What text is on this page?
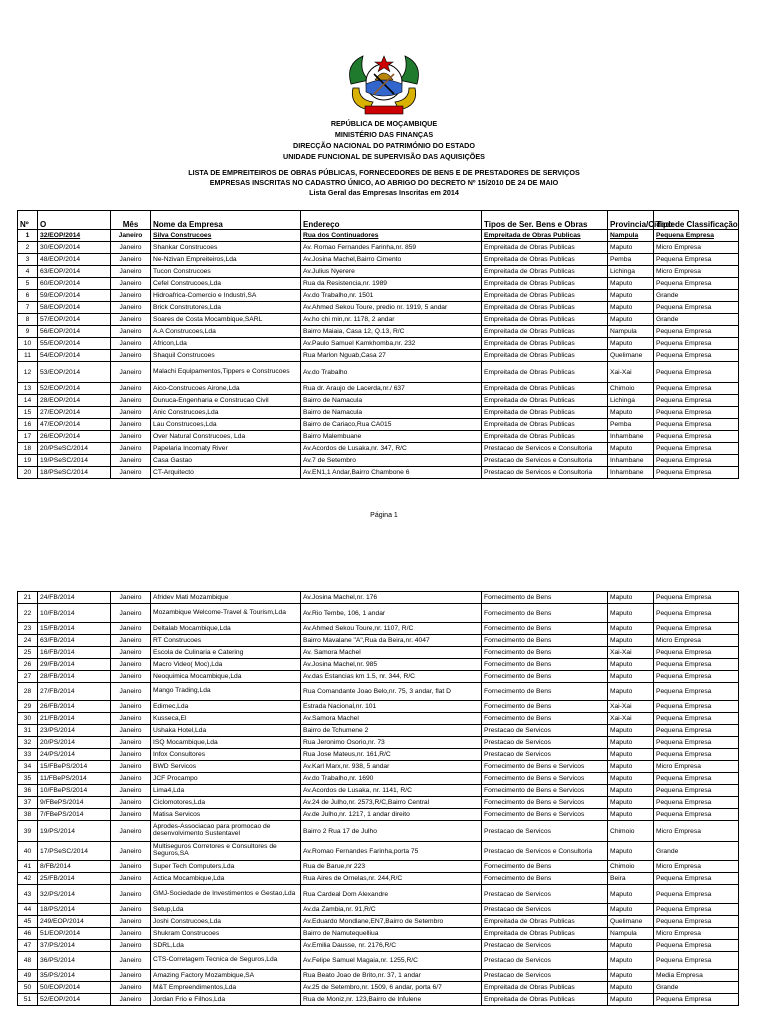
REPÚBLICA DE MOÇAMBIQUE
MINISTÉRIO DAS FINANÇAS
DIRECÇÃO NACIONAL DO PATRIMÓNIO DO ESTADO
UNIDADE FUNCIONAL DE SUPERVISÃO DAS AQUISIÇÕES
LISTA DE EMPREITEIROS DE OBRAS PÚBLICAS, FORNECEDORES DE BENS E DE PRESTADORES DE SERVIÇOS
EMPRESAS INSCRITAS NO CADASTRO ÚNICO, AO ABRIGO DO DECRETO Nº 15/2010 DE 24 DE MAIO
Lista Geral das Empresas Inscritas em 2014
Nº	O	Mês	Nome da Empresa	Endereço	Tipos de Ser. Bens e Obras	Provincia/Cidade	Tipo de Classificação
1	32/EOP/2014	Janeiro	Silva Construcoes	Rua dos Continuadores	Empreitada de Obras Publicas	Nampula	Pequena Empresa
2	30/EOP/2014	Janeiro	Shankar Construcoes	Av. Romao Fernandes Farinha,nr. 859	Empreitada de Obras Publicas	Maputo	Micro Empresa
3	48/EOP/2014	Janeiro	Ne-Nzivan Empreiteiros,Lda	Av.Josina Machel,Bairro Cimento	Empreitada de Obras Publicas	Pemba	Pequena Empresa
4	63/EOP/2014	Janeiro	Tucon Construcoes	Av.Julius Nyerere	Empreitada de Obras Publicas	Lichinga	Micro Empresa
5	60/EOP/2014	Janeiro	Cefel Construcoes,Lda	Rua da Resistencia,nr. 1989	Empreitada de Obras Publicas	Maputo	Pequena Empresa
6	59/EOP/2014	Janeiro	Hidroafrica-Comercio e Industri,SA	Av.do Trabalho,nr. 1501	Empreitada de Obras Publicas	Maputo	Grande
7	58/EOP/2014	Janeiro	Brick Construtores,Lda	Av.Ahmed Sekou Toure, predio nr. 1919, 5 andar	Empreitada de Obras Publicas	Maputo	Pequena Empresa
8	57/EOP/2014	Janeiro	Soares de Costa Mocambique,SARL	Av.ho chi min,nr. 1178, 2 andar	Empreitada de Obras Publicas	Maputo	Grande
9	56/EOP/2014	Janeiro	A.A Construcoes,Lda	Bairro Maiaia, Casa 12, Q.13, R/C	Empreitada de Obras Publicas	Nampula	Pequena Empresa
10	55/EOP/2014	Janeiro	Africon,Lda	Av.Paulo Samuel Kamkhomba,nr. 232	Empreitada de Obras Publicas	Maputo	Pequena Empresa
11	54/EOP/2014	Janeiro	Shaquil Construcoes	Rua Marlon Nguab,Casa 27	Empreitada de Obras Publicas	Quelimane	Pequena Empresa
12	53/EOP/2014	Janeiro	Malachi Equipamentos,Tippers e Construcoes	Av.do Trabalho	Empreitada de Obras Publicas	Xai-Xai	Pequena Empresa
13	52/EOP/2014	Janeiro	Aico-Construcoes Airone,Lda	Rua dr. Araujo de Lacerda,nr./ 637	Empreitada de Obras Publicas	Chimoio	Pequena Empresa
14	28/EOP/2014	Janeiro	Dunuca-Engenharia e Construcao Civil	Bairro de Namacula	Empreitada de Obras Publicas	Lichinga	Pequena Empresa
15	27/EOP/2014	Janeiro	Anic Construcoes,Lda	Bairro de Namacula	Empreitada de Obras Publicas	Maputo	Pequena Empresa
16	47/EOP/2014	Janeiro	Lau Construcoes,Lda	Bairro de Cariaco,Rua CA015	Empreitada de Obras Publicas	Pemba	Pequena Empresa
17	26/EOP/2014	Janeiro	Over Natural Construcoes, Lda	Bairro Malembuane	Empreitada de Obras Publicas	Inhambane	Pequena Empresa
18	20/PSeSC/2014	Janeiro	Papelaria Incomaty River	Av.Acordos de Lusaka,nr. 347, R/C	Prestacao de Servicos e Consultoria	Maputo	Pequena Empresa
19	19/PSeSC/2014	Janeiro	Casa Gastao	Av.7 de Setembro	Prestacao de Servicos e Consultoria	Inhambane	Pequena Empresa
20	18/PSeSC/2014	Janeiro	CT-Arquitecto	Av.EN1,1 Andar,Bairro Chambone 6	Prestacao de Servicos e Consultoria	Inhambane	Pequena Empresa
Página 1
21	24/FB/2014	Janeiro	Afridev Mati Mozambique	Av.Josina Machel,nr. 176	Fornecimento de Bens	Maputo	Pequena Empresa
22	10/FB/2014	Janeiro	Mozambique Welcome-Travel & Tourism,Lda	Av.Rio Tembe, 106, 1 andar	Fornecimento de Bens	Maputo	Pequena Empresa
23	15/FB/2014	Janeiro	Deltalab Mocambique,Lda	Av.Ahmed Sekou Toure,nr. 1107, R/C	Fornecimento de Bens	Maputo	Pequena Empresa
24	63/FB/2014	Janeiro	RT Construcoes	Bairro Mavalane "A",Rua da Beira,nr. 4047	Fornecimento de Bens	Maputo	Micro Empresa
25	16/FB/2014	Janeiro	Escola de Culinaria e Catering	Av. Samora Machel	Fornecimento de Bens	Xai-Xai	Pequena Empresa
26	29/FB/2014	Janeiro	Macro Video( Moc),Lda	Av.Josina Machel,nr. 985	Fornecimento de Bens	Maputo	Pequena Empresa
27	28/FB/2014	Janeiro	Neoquimica Mocambique,Lda	Av.das Estancias km 1.5, nr. 344, R/C	Fornecimento de Bens	Maputo	Pequena Empresa
28	27/FB/2014	Janeiro	Mango Trading,Lda	Rua Comandante Joao Belo,nr. 75, 3 andar, flat D	Fornecimento de Bens	Maputo	Pequena Empresa
29	26/FB/2014	Janeiro	Edimec,Lda	Estrada Nacional,nr. 101	Fornecimento de Bens	Xai-Xai	Pequena Empresa
30	21/FB/2014	Janeiro	Kusseca,El	Av.Samora Machel	Fornecimento de Bens	Xai-Xai	Pequena Empresa
31	23/PS/2014	Janeiro	Ushaka Hotel,Lda	Bairro de Tchumene 2	Prestacao de Servicos	Maputo	Pequena Empresa
32	20/PS/2014	Janeiro	ISQ Mocambique,Lda	Rua Jeronimo Osorio,nr. 73	Prestacao de Servicos	Maputo	Pequena Empresa
33	24/PS/2014	Janeiro	Infox Consultores	Rua Jose Mateus,nr. 161,R/C	Prestacao de Servicos	Maputo	Pequena Empresa
34	15/FBePS/2014	Janeiro	BWD Servicos	Av.Karl Marx,nr. 938, 5 andar	Fornecimento de Bens e Servicos	Maputo	Micro Empresa
35	11/FBePS/2014	Janeiro	JCF Procampo	Av.do Trabalho,nr. 1690	Fornecimento de Bens e Servicos	Maputo	Pequena Empresa
36	10/FBePS/2014	Janeiro	Lima4,Lda	Av.Acordos de Lusaka, nr. 1141, R/C	Fornecimento de Bens e Servicos	Maputo	Pequena Empresa
37	9/FBePS/2014	Janeiro	Ciclomotores,Lda	Av.24 de Julho,nr. 2573,R/C,Bairro Central	Fornecimento de Bens e Servicos	Maputo	Pequena Empresa
38	7/FBePS/2014	Janeiro	Matisa Servicos	Av.de Julho,nr. 1217, 1 andar direito	Fornecimento de Bens e Servicos	Maputo	Pequena Empresa
39	19/PS/2014	Janeiro	Aprodes-Associacao para promocao de desenvolvimento Sustentavel	Bairro 2 Rua 17 de Julho	Prestacao de Servicos	Chimoio	Micro Empresa
40	17/PSeSC/2014	Janeiro	Multiseguros Corretores e Consultores de Seguros,SA	Av.Romao Fernandes Farinha,porta 75	Prestacao de Servicos e Consultoria	Maputo	Grande
41	8/FB/2014	Janeiro	Super Tech Computers,Lda	Rua de Barue,nr 223	Fornecimento de Bens	Chimoio	Micro Empresa
42	25/FB/2014	Janeiro	Actica Mocambique,Lda	Rua Aires de Ornelas,nr. 244,R/C	Fornecimento de Bens	Beira	Pequena Empresa
43	32/PS/2014	Janeiro	GMJ-Sociedade de Investimentos e Gestao,Lda	Rua Cardeal Dom Alexandre	Prestacao de Servicos	Maputo	Pequena Empresa
44	18/PS/2014	Janeiro	Setup,Lda	Av.da Zambia,nr. 91,R/C	Prestacao de Servicos	Maputo	Pequena Empresa
45	249/EOP/2014	Janeiro	Joshi Construcoes,Lda	Av.Eduardo Mondlane,EN7,Bairro de Setembro	Empreitada de Obras Publicas	Quelimane	Pequena Empresa
46	51/EOP/2014	Janeiro	Shukram Construcoes	Bairro de Namutequelliua	Empreitada de Obras Publicas	Nampula	Micro Empresa
47	37/PS/2014	Janeiro	SDRL,Lda	Av.Emilia Dausse, nr. 2176,R/C	Prestacao de Servicos	Maputo	Pequena Empresa
48	36/PS/2014	Janeiro	CTS-Corretagem Tecnica de Seguros,Lda	Av.Felipe Samuel Magaia,nr. 1255,R/C	Prestacao de Servicos	Maputo	Pequena Empresa
49	35/PS/2014	Janeiro	Amazing Factory Mozambique,SA	Rua Beato Joao de Brito,nr. 37, 1 andar	Prestacao de Servicos	Maputo	Media Empresa
50	50/EOP/2014	Janeiro	M&T Empreendimentos,Lda	Av.25 de Setembro,nr. 1509, 6 andar, porta 6/7	Empreitada de Obras Publicas	Maputo	Grande
51	52/EOP/2014	Janeiro	Jordan Frio e Filhos,Lda	Rua de Moniz,nr. 123,Bairro de Infulene	Empreitada de Obras Publicas	Maputo	Pequena Empresa
